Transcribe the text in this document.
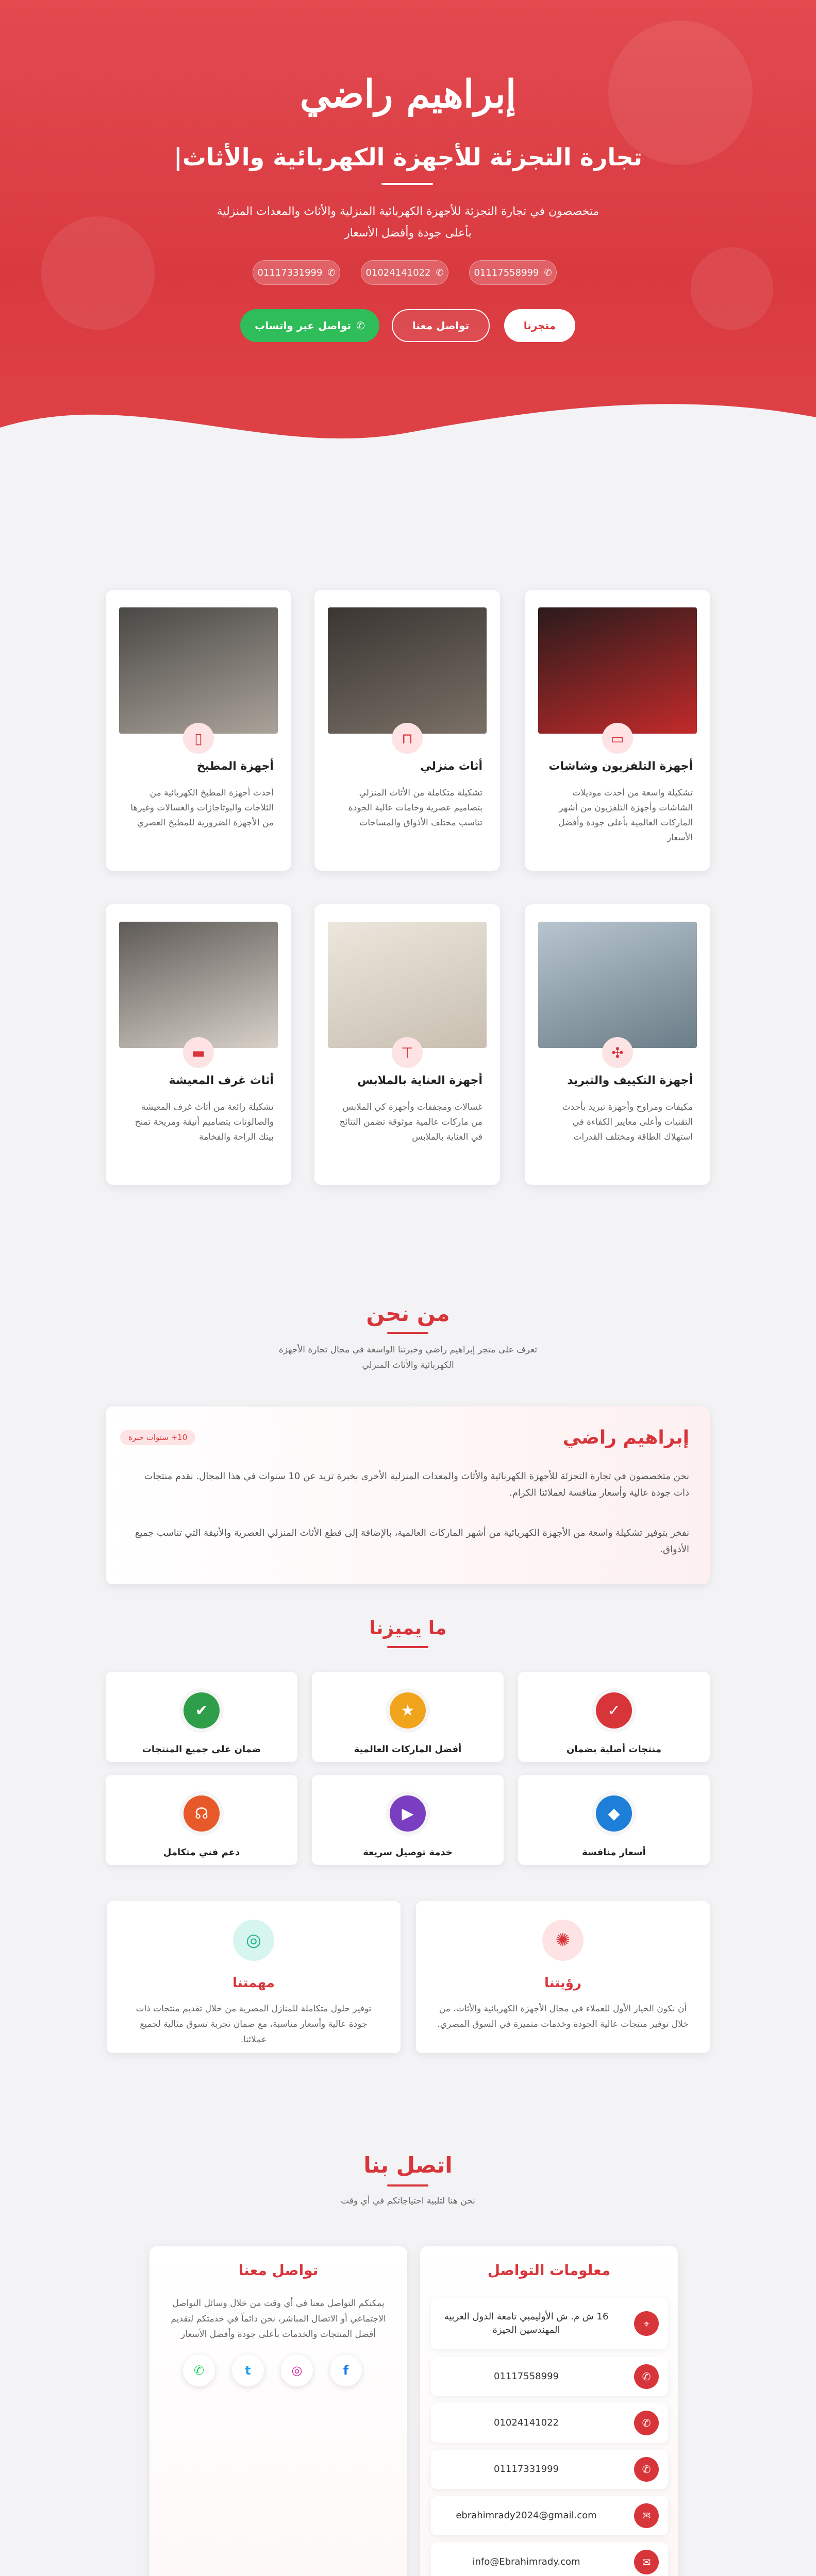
إبراهيم راضي
تجارة التجزئة للأجهزة الكهربائية والأثاث|

متخصصون في تجارة التجزئة للأجهزة الكهربائية المنزلية والأثاث والمعدات المنزلية بأعلى جودة وأفضل الأسعار

✆
01117331999	✆
01024141022	✆
01117558999
متجرنا
تواصل معنا
✆
تواصل عبر واتساب
▭
أجهزة التلفزيون وشاشات

تشكيلة واسعة من أحدث موديلات الشاشات وأجهزة التلفزيون من أشهر الماركات العالمية بأعلى جودة وأفضل الأسعار

⊓
أثاث منزلي

تشكيلة متكاملة من الأثاث المنزلي بتصاميم عصرية وخامات عالية الجودة تناسب مختلف الأذواق والمساحات

▯
أجهزة المطبخ

أحدث أجهزة المطبخ الكهربائية من الثلاجات والبوتاجازات والغسالات وغيرها من الأجهزة الضرورية للمطبخ العصري

✣
أجهزة التكييف والتبريد

مكيفات ومراوح وأجهزة تبريد بأحدث التقنيات وأعلى معايير الكفاءة في استهلاك الطاقة ومختلف القدرات

⊤
أجهزة العناية بالملابس

غسالات ومجففات وأجهزة كي الملابس من ماركات عالمية موثوقة تضمن النتائج في العناية بالملابس

▬
أثاث غرف المعيشة

تشكيلة رائعة من أثاث غرف المعيشة والصالونات بتصاميم أنيقة ومريحة تمنح بيتك الراحة والفخامة

من نحن

تعرف على متجر إبراهيم راضي وخبرتنا الواسعة في مجال تجارة الأجهزة الكهربائية والأثاث المنزلي

إبراهيم راضي
10+ سنوات خبرة

نحن متخصصون في تجارة التجزئة للأجهزة الكهربائية والأثاث والمعدات المنزلية الأخرى بخبرة تزيد عن 10 سنوات في هذا المجال. نقدم منتجات ذات جودة عالية وأسعار منافسة لعملائنا الكرام.

نفخر بتوفير تشكيلة واسعة من الأجهزة الكهربائية من أشهر الماركات العالمية، بالإضافة إلى قطع الأثاث المنزلي العصرية والأنيقة التي تناسب جميع الأذواق.

ما يميزنا
✓
منتجات أصلية بضمان
★
أفضل الماركات العالمية
✔
ضمان على جميع المنتجات
◆
أسعار منافسة
▶
خدمة توصيل سريعة
☊
دعم فني متكامل
✺
رؤيتنا

أن نكون الخيار الأول للعملاء في مجال الأجهزة الكهربائية والأثاث، من خلال توفير منتجات عالية الجودة وخدمات متميزة في السوق المصري.

◎
مهمتنا

توفير حلول متكاملة للمنازل المصرية من خلال تقديم منتجات ذات جودة عالية وأسعار مناسبة، مع ضمان تجربة تسوق مثالية لجميع عملائنا.

اتصل بنا

نحن هنا لتلبية احتياجاتكم في أي وقت

معلومات التواصل
تواصل معنا

يمكنكم التواصل معنا في أي وقت من خلال وسائل التواصل الاجتماعي أو الاتصال المباشر، نحن دائماً في خدمتكم لتقديم أفضل المنتجات والخدمات بأعلى جودة وأفضل الأسعار

⌖
16 ش م. ش الأوليمبي تامعة الدول العربية المهندسين الجيزة
✆
01117558999
✆
01024141022
✆
01117331999
✉
ebrahimrady2024@gmail.com
✉
info@Ebrahimrady.com
f
◎
t
✆
